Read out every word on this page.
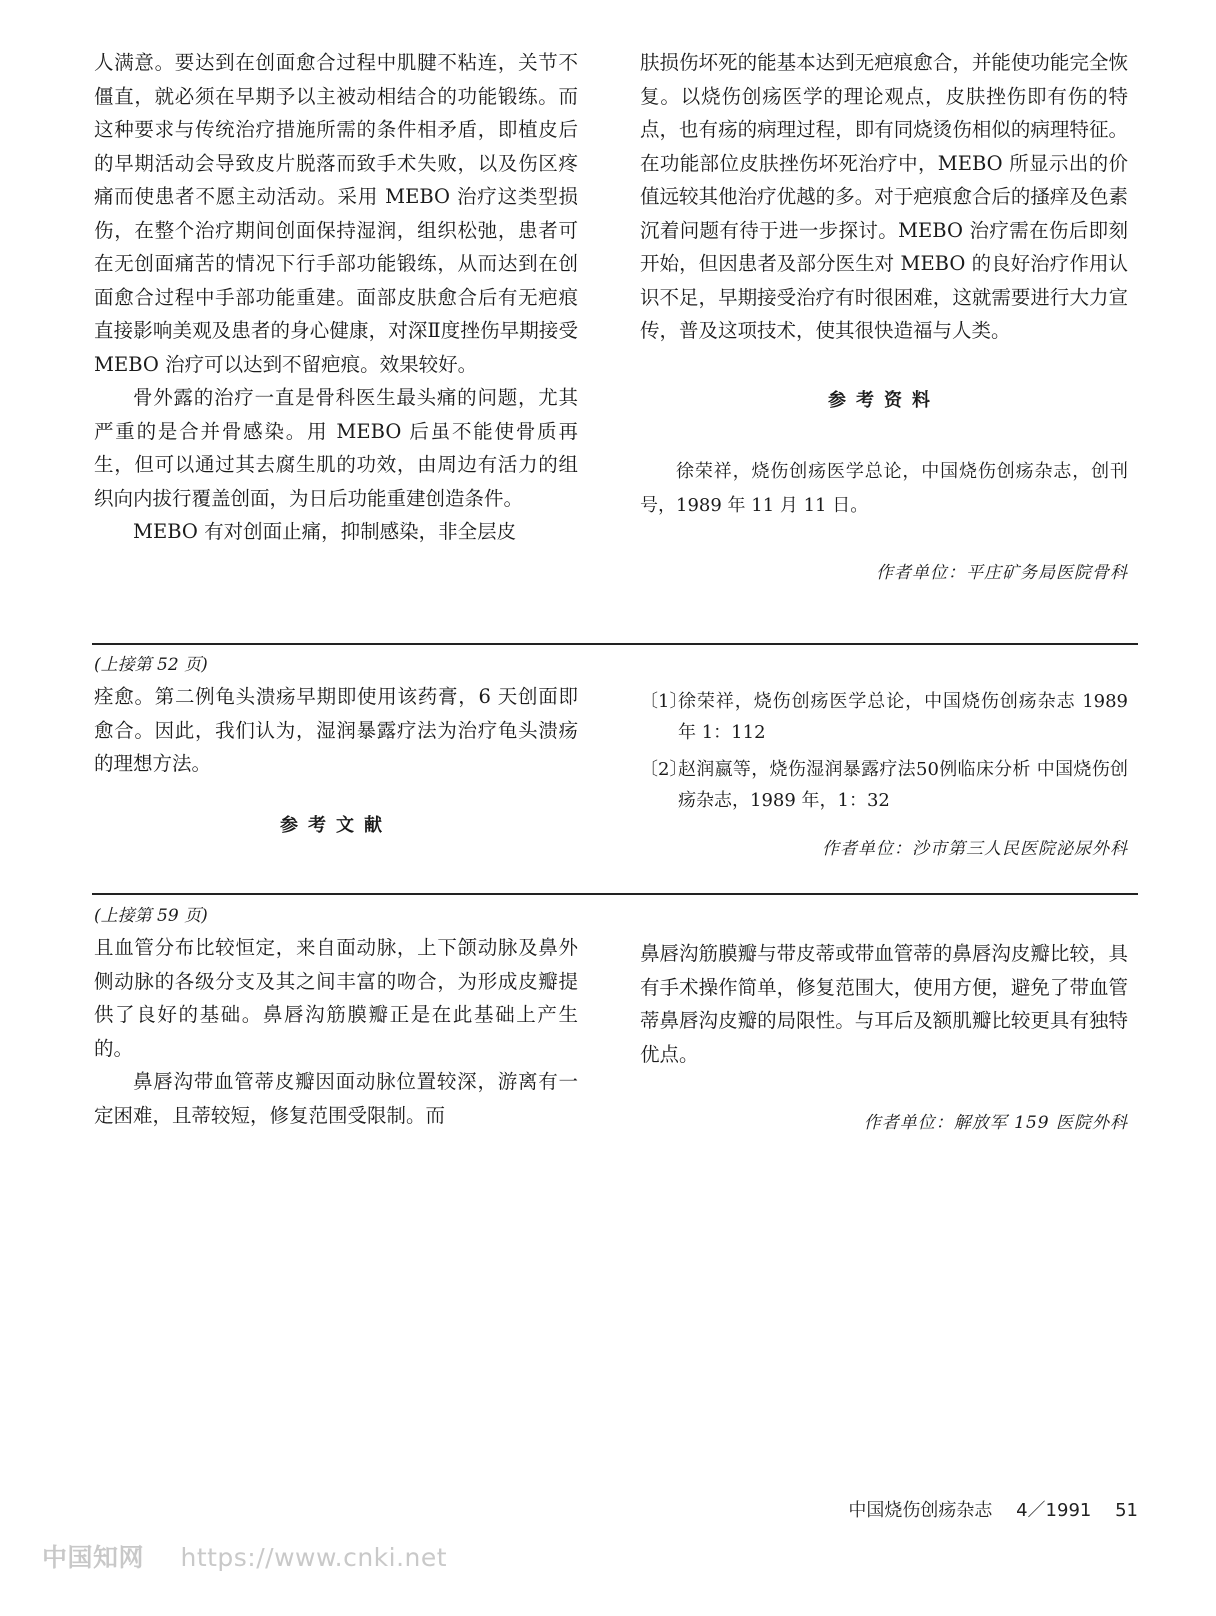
人满意。要达到在创面愈合过程中肌腱不粘连，关节不僵直，就必须在早期予以主被动相结合的功能锻练。而这种要求与传统治疗措施所需的条件相矛盾，即植皮后的早期活动会导致皮片脱落而致手术失败，以及伤区疼痛而使患者不愿主动活动。采用 MEBO 治疗这类型损伤，在整个治疗期间创面保持湿润，组织松弛，患者可在无创面痛苦的情况下行手部功能锻练，从而达到在创面愈合过程中手部功能重建。面部皮肤愈合后有无疤痕直接影响美观及患者的身心健康，对深Ⅱ度挫伤早期接受 MEBO 治疗可以达到不留疤痕。效果较好。

骨外露的治疗一直是骨科医生最头痛的问题，尤其严重的是合并骨感染。用 MEBO 后虽不能使骨质再生，但可以通过其去腐生肌的功效，由周边有活力的组织向内拔行覆盖创面，为日后功能重建创造条件。

MEBO 有对创面止痛，抑制感染，非全层皮

肤损伤坏死的能基本达到无疤痕愈合，并能使功能完全恢复。以烧伤创疡医学的理论观点，皮肤挫伤即有伤的特点，也有疡的病理过程，即有同烧烫伤相似的病理特征。在功能部位皮肤挫伤坏死治疗中，MEBO 所显示出的价值远较其他治疗优越的多。对于疤痕愈合后的搔痒及色素沉着问题有待于进一步探讨。MEBO 治疗需在伤后即刻开始，但因患者及部分医生对 MEBO 的良好治疗作用认识不足，早期接受治疗有时很困难，这就需要进行大力宣传，普及这项技术，使其很快造福与人类。

参考资料

徐荣祥，烧伤创疡医学总论，中国烧伤创疡杂志，创刊号，1989 年 11 月 11 日。

作者单位：平庄矿务局医院骨科
(上接第 52 页)

痊愈。第二例龟头溃疡早期即使用该药膏，6 天创面即愈合。因此，我们认为，湿润暴露疗法为治疗龟头溃疡的理想方法。

参考文献
〔1〕
徐荣祥，烧伤创疡医学总论，中国烧伤创疡杂志 1989 年 1：112
〔2〕
赵润嬴等，烧伤湿润暴露疗法50例临床分析 中国烧伤创疡杂志，1989 年，1：32
作者单位：沙市第三人民医院泌尿外科
(上接第 59 页)

且血管分布比较恒定，来自面动脉，上下颌动脉及鼻外侧动脉的各级分支及其之间丰富的吻合，为形成皮瓣提供了良好的基础。鼻唇沟筋膜瓣正是在此基础上产生的。

鼻唇沟带血管蒂皮瓣因面动脉位置较深，游离有一定困难，且蒂较短，修复范围受限制。而

鼻唇沟筋膜瓣与带皮蒂或带血管蒂的鼻唇沟皮瓣比较，具有手术操作简单，修复范围大，使用方便，避免了带血管蒂鼻唇沟皮瓣的局限性。与耳后及额肌瓣比较更具有独特优点。

作者单位：解放军 159 医院外科
中国烧伤创疡杂志 4／1991 51
中国知网 https://www.cnki.net
